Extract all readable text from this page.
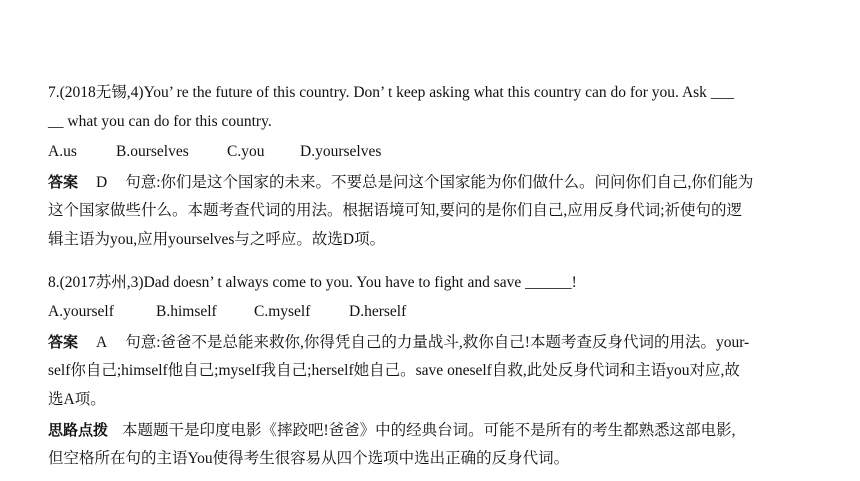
7.(2018无锡,4)You’ re the future of this country. Don’ t keep asking what this country can do for you. Ask ___
__ what you can do for this country.
A.us	B.ourselves C.you D.yourselves
答案 D 句意:你们是这个国家的未来。不要总是问这个国家能为你们做什么。问问你们自己,你们能为
这个国家做些什么。本题考查代词的用法。根据语境可知,要问的是你们自己,应用反身代词;祈使句的逻
辑主语为you,应用yourselves与之呼应。故选D项。
8.(2017苏州,3)Dad doesn’ t always come to you. You have to fight and save ______!
A.yourself	B.himself C.myself D.herself
答案 A 句意:爸爸不是总能来救你,你得凭自己的力量战斗,救你自己!本题考查反身代词的用法。your-
self你自己;himself他自己;myself我自己;herself她自己。save oneself自救,此处反身代词和主语you对应,故
选A项。
思路点拨 本题题干是印度电影《摔跤吧!爸爸》中的经典台词。可能不是所有的考生都熟悉这部电影,
但空格所在句的主语You使得考生很容易从四个选项中选出正确的反身代词。
